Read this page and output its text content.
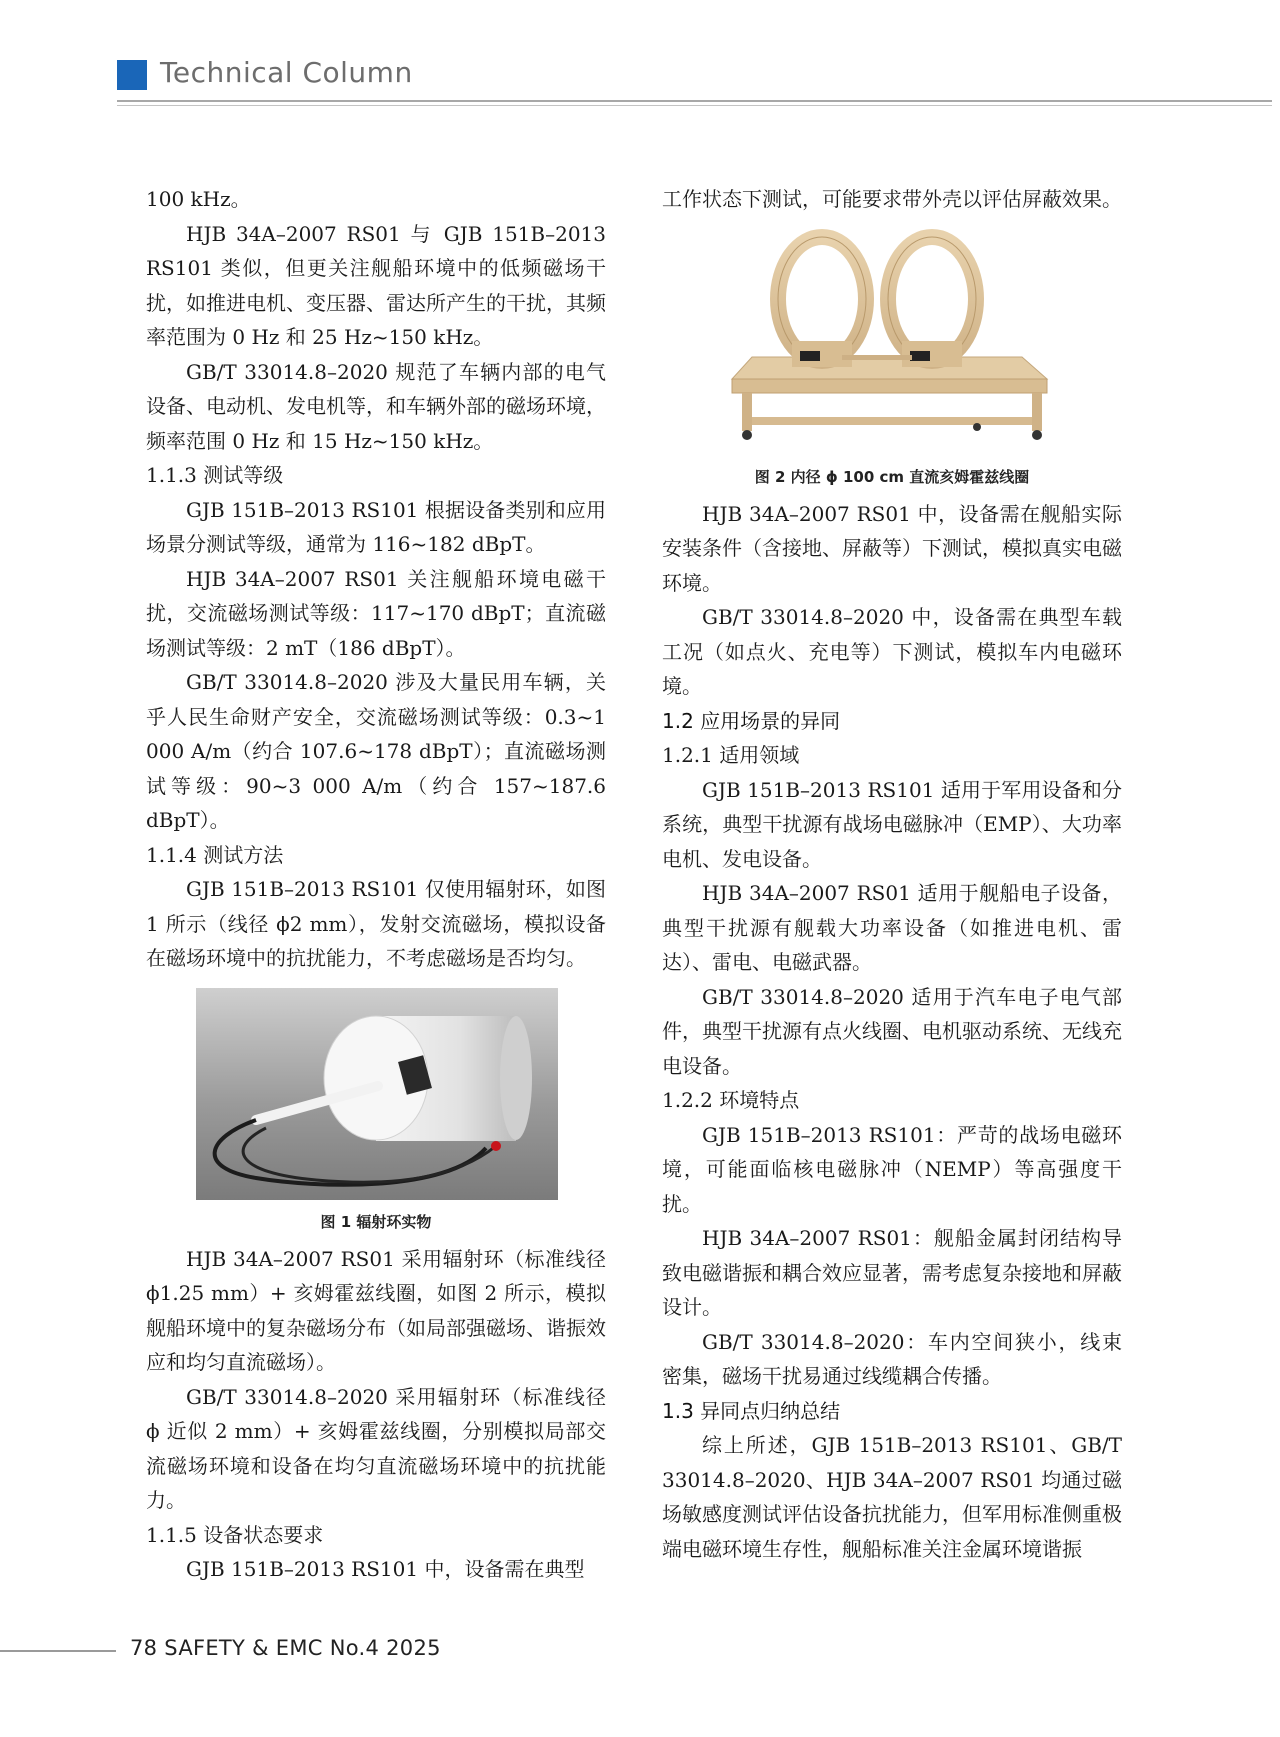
Technical Column

100 kHz。

HJB 34A–2007 RS01 与 GJB 151B–2013 RS101 类似，但更关注舰船环境中的低频磁场干扰，如推进电机、变压器、雷达所产生的干扰，其频率范围为 0 Hz 和 25 Hz~150 kHz。

GB/T 33014.8–2020 规范了车辆内部的电气设备、电动机、发电机等，和车辆外部的磁场环境，频率范围 0 Hz 和 15 Hz~150 kHz。

1.1.3 测试等级

GJB 151B–2013 RS101 根据设备类别和应用场景分测试等级，通常为 116~182 dBpT。

HJB 34A–2007 RS01 关注舰船环境电磁干扰，交流磁场测试等级：117~170 dBpT；直流磁场测试等级：2 mT（186 dBpT）。

GB/T 33014.8–2020 涉及大量民用车辆，关乎人民生命财产安全，交流磁场测试等级：0.3~1 000 A/m（约合 107.6~178 dBpT）；直流磁场测试等级：90~3 000 A/m（约合 157~187.6 dBpT）。

1.1.4 测试方法

GJB 151B–2013 RS101 仅使用辐射环，如图 1 所示（线径 ϕ2 mm），发射交流磁场，模拟设备在磁场环境中的抗扰能力，不考虑磁场是否均匀。

图 1 辐射环实物

HJB 34A–2007 RS01 采用辐射环（标准线径 ϕ1.25 mm）+ 亥姆霍兹线圈，如图 2 所示，模拟舰船环境中的复杂磁场分布（如局部强磁场、谐振效应和均匀直流磁场）。

GB/T 33014.8–2020 采用辐射环（标准线径 ϕ 近似 2 mm）+ 亥姆霍兹线圈，分别模拟局部交流磁场环境和设备在均匀直流磁场环境中的抗扰能力。

1.1.5 设备状态要求

GJB 151B–2013 RS101 中，设备需在典型

工作状态下测试，可能要求带外壳以评估屏蔽效果。

图 2 内径 ϕ 100 cm 直流亥姆霍兹线圈

HJB 34A–2007 RS01 中，设备需在舰船实际安装条件（含接地、屏蔽等）下测试，模拟真实电磁环境。

GB/T 33014.8–2020 中，设备需在典型车载工况（如点火、充电等）下测试，模拟车内电磁环境。

1.2 应用场景的异同

1.2.1 适用领域

GJB 151B–2013 RS101 适用于军用设备和分系统，典型干扰源有战场电磁脉冲（EMP）、大功率电机、发电设备。

HJB 34A–2007 RS01 适用于舰船电子设备，典型干扰源有舰载大功率设备（如推进电机、雷达）、雷电、电磁武器。

GB/T 33014.8–2020 适用于汽车电子电气部件，典型干扰源有点火线圈、电机驱动系统、无线充电设备。

1.2.2 环境特点

GJB 151B–2013 RS101：严苛的战场电磁环境，可能面临核电磁脉冲（NEMP）等高强度干扰。

HJB 34A–2007 RS01：舰船金属封闭结构导致电磁谐振和耦合效应显著，需考虑复杂接地和屏蔽设计。

GB/T 33014.8–2020：车内空间狭小，线束密集，磁场干扰易通过线缆耦合传播。

1.3 异同点归纳总结

综上所述，GJB 151B–2013 RS101、GB/T 33014.8–2020、HJB 34A–2007 RS01 均通过磁场敏感度测试评估设备抗扰能力，但军用标准侧重极端电磁环境生存性，舰船标准关注金属环境谐振

78 SAFETY & EMC No.4 2025
